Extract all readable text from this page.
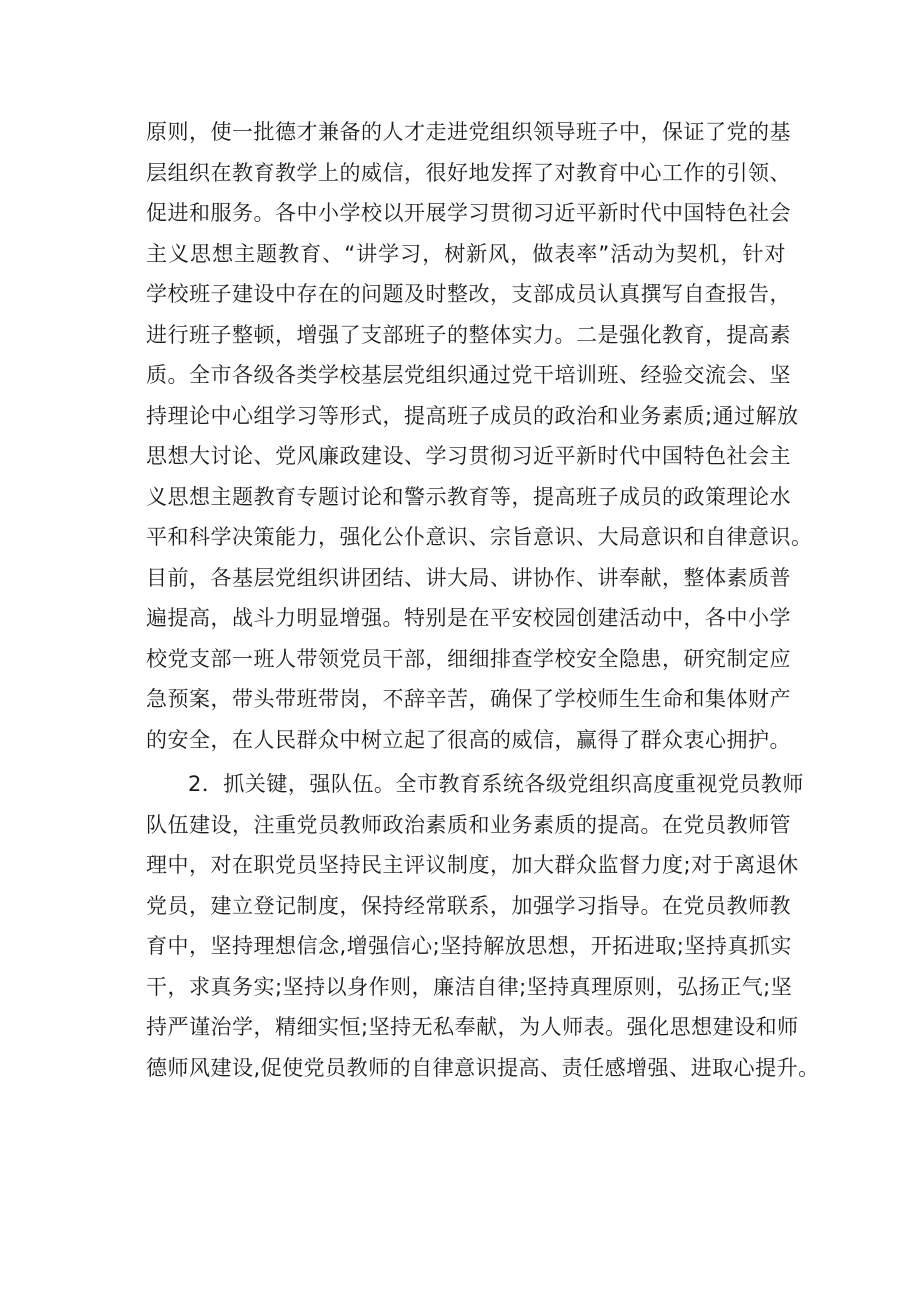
原则，使一批德才兼备的人才走进党组织领导班子中，保证了党的基
层组织在教育教学上的威信，很好地发挥了对教育中心工作的引领、
促进和服务。各中小学校以开展学习贯彻习近平新时代中国特色社会
主义思想主题教育、“讲学习，树新风，做表率”活动为契机，针对
学校班子建设中存在的问题及时整改，支部成员认真撰写自查报告，
进行班子整顿，增强了支部班子的整体实力。二是强化教育，提高素
质。全市各级各类学校基层党组织通过党干培训班、经验交流会、坚
持理论中心组学习等形式，提高班子成员的政治和业务素质;通过解放
思想大讨论、党风廉政建设、学习贯彻习近平新时代中国特色社会主
义思想主题教育专题讨论和警示教育等，提高班子成员的政策理论水
平和科学决策能力，强化公仆意识、宗旨意识、大局意识和自律意识。
目前，各基层党组织讲团结、讲大局、讲协作、讲奉献，整体素质普
遍提高，战斗力明显增强。特别是在平安校园创建活动中，各中小学
校党支部一班人带领党员干部，细细排查学校安全隐患，研究制定应
急预案，带头带班带岗，不辞辛苦，确保了学校师生生命和集体财产
的安全，在人民群众中树立起了很高的威信，赢得了群众衷心拥护。
2．抓关键，强队伍。全市教育系统各级党组织高度重视党员教师
队伍建设，注重党员教师政治素质和业务素质的提高。在党员教师管
理中，对在职党员坚持民主评议制度，加大群众监督力度;对于离退休
党员，建立登记制度，保持经常联系，加强学习指导。在党员教师教
育中，坚持理想信念,增强信心;坚持解放思想，开拓进取;坚持真抓实
干，求真务实;坚持以身作则，廉洁自律;坚持真理原则，弘扬正气;坚
持严谨治学，精细实恒;坚持无私奉献，为人师表。强化思想建设和师
德师风建设,促使党员教师的自律意识提高、责任感增强、进取心提升。
